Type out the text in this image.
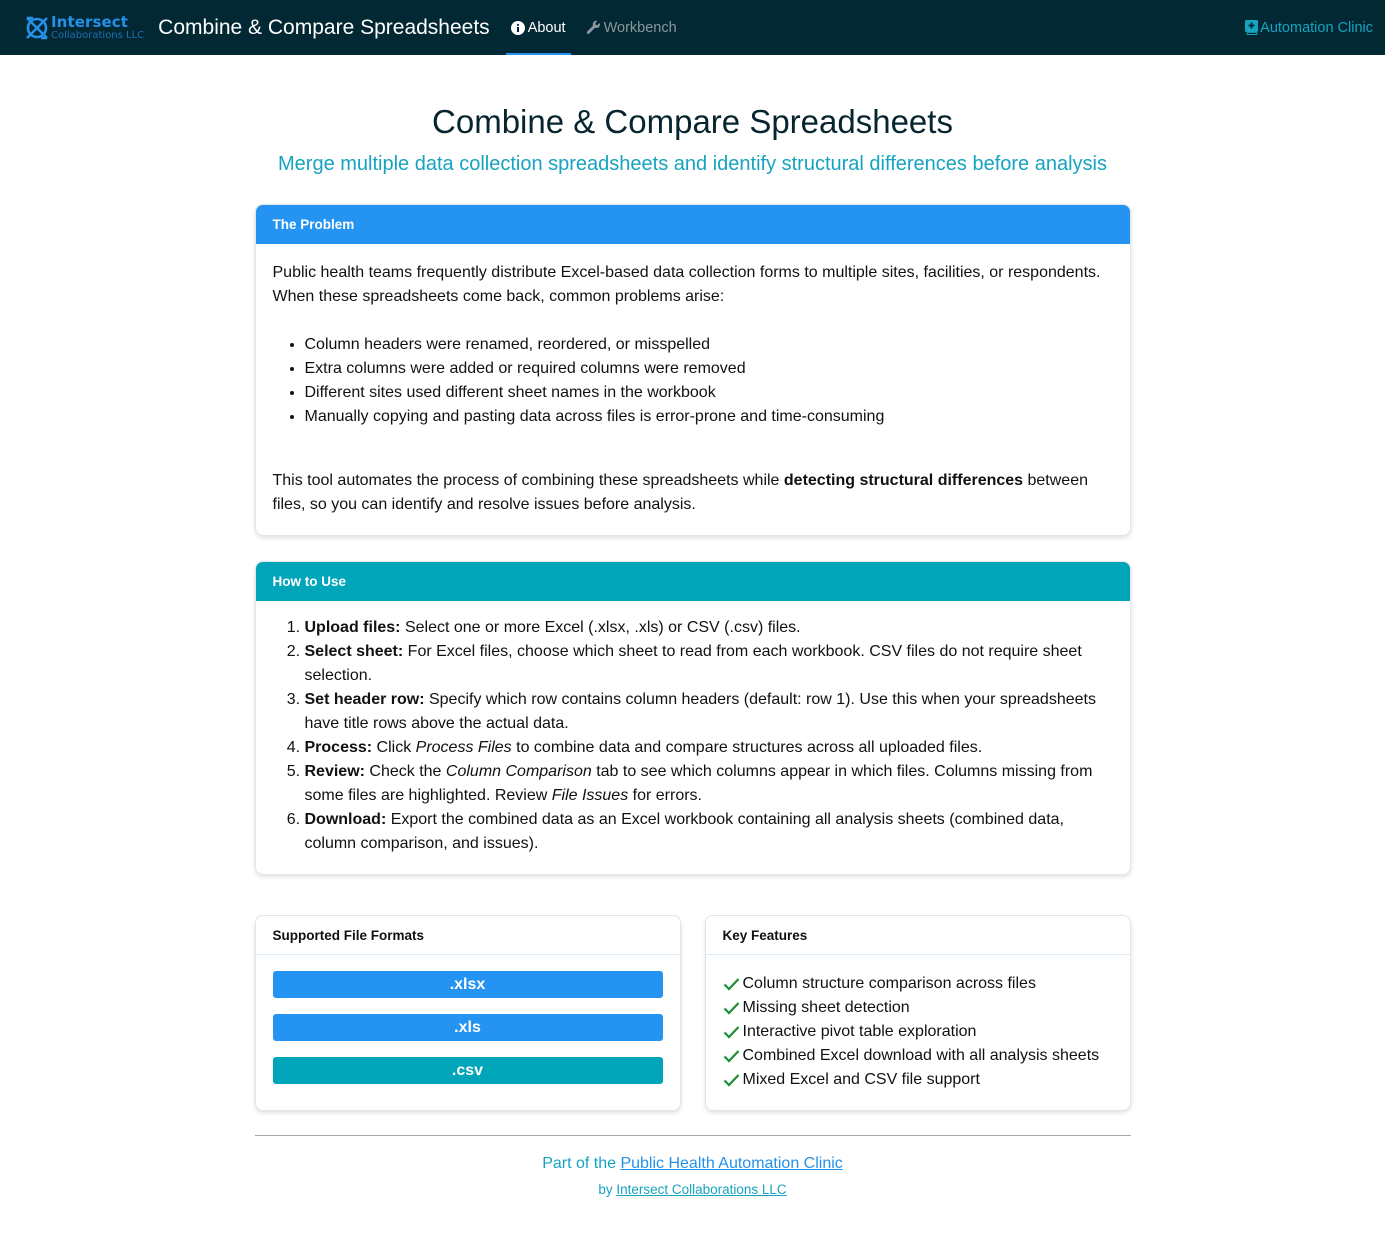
Intersect
Collaborations LLC Combine & Compare Spreadsheets	About	Workbench	Automation Clinic
Combine & Compare Spreadsheets
Merge multiple data collection spreadsheets and identify structural differences before analysis
The Problem

Public health teams frequently distribute Excel-based data collection forms to multiple sites, facilities, or respondents. When these spreadsheets come back, common problems arise:

• Column headers were renamed, reordered, or misspelled
• Extra columns were added or required columns were removed
• Different sites used different sheet names in the workbook
• Manually copying and pasting data across files is error-prone and time-consuming

This tool automates the process of combining these spreadsheets while detecting structural differences between files, so you can identify and resolve issues before analysis.

How to Use
1. Upload files: Select one or more Excel (.xlsx, .xls) or CSV (.csv) files.
2. Select sheet: For Excel files, choose which sheet to read from each workbook. CSV files do not require sheet selection.
3. Set header row: Specify which row contains column headers (default: row 1). Use this when your spreadsheets have title rows above the actual data.
4. Process: Click Process Files to combine data and compare structures across all uploaded files.
5. Review: Check the Column Comparison tab to see which columns appear in which files. Columns missing from some files are highlighted. Review File Issues for errors.
6. Download: Export the combined data as an Excel workbook containing all analysis sheets (combined data, column comparison, and issues).
Supported File Formats
.xlsx
.xls
.csv
Key Features
Column structure comparison across files
Missing sheet detection
Interactive pivot table exploration
Combined Excel download with all analysis sheets
Mixed Excel and CSV file support
Part of the Public Health Automation Clinic
by Intersect Collaborations LLC
